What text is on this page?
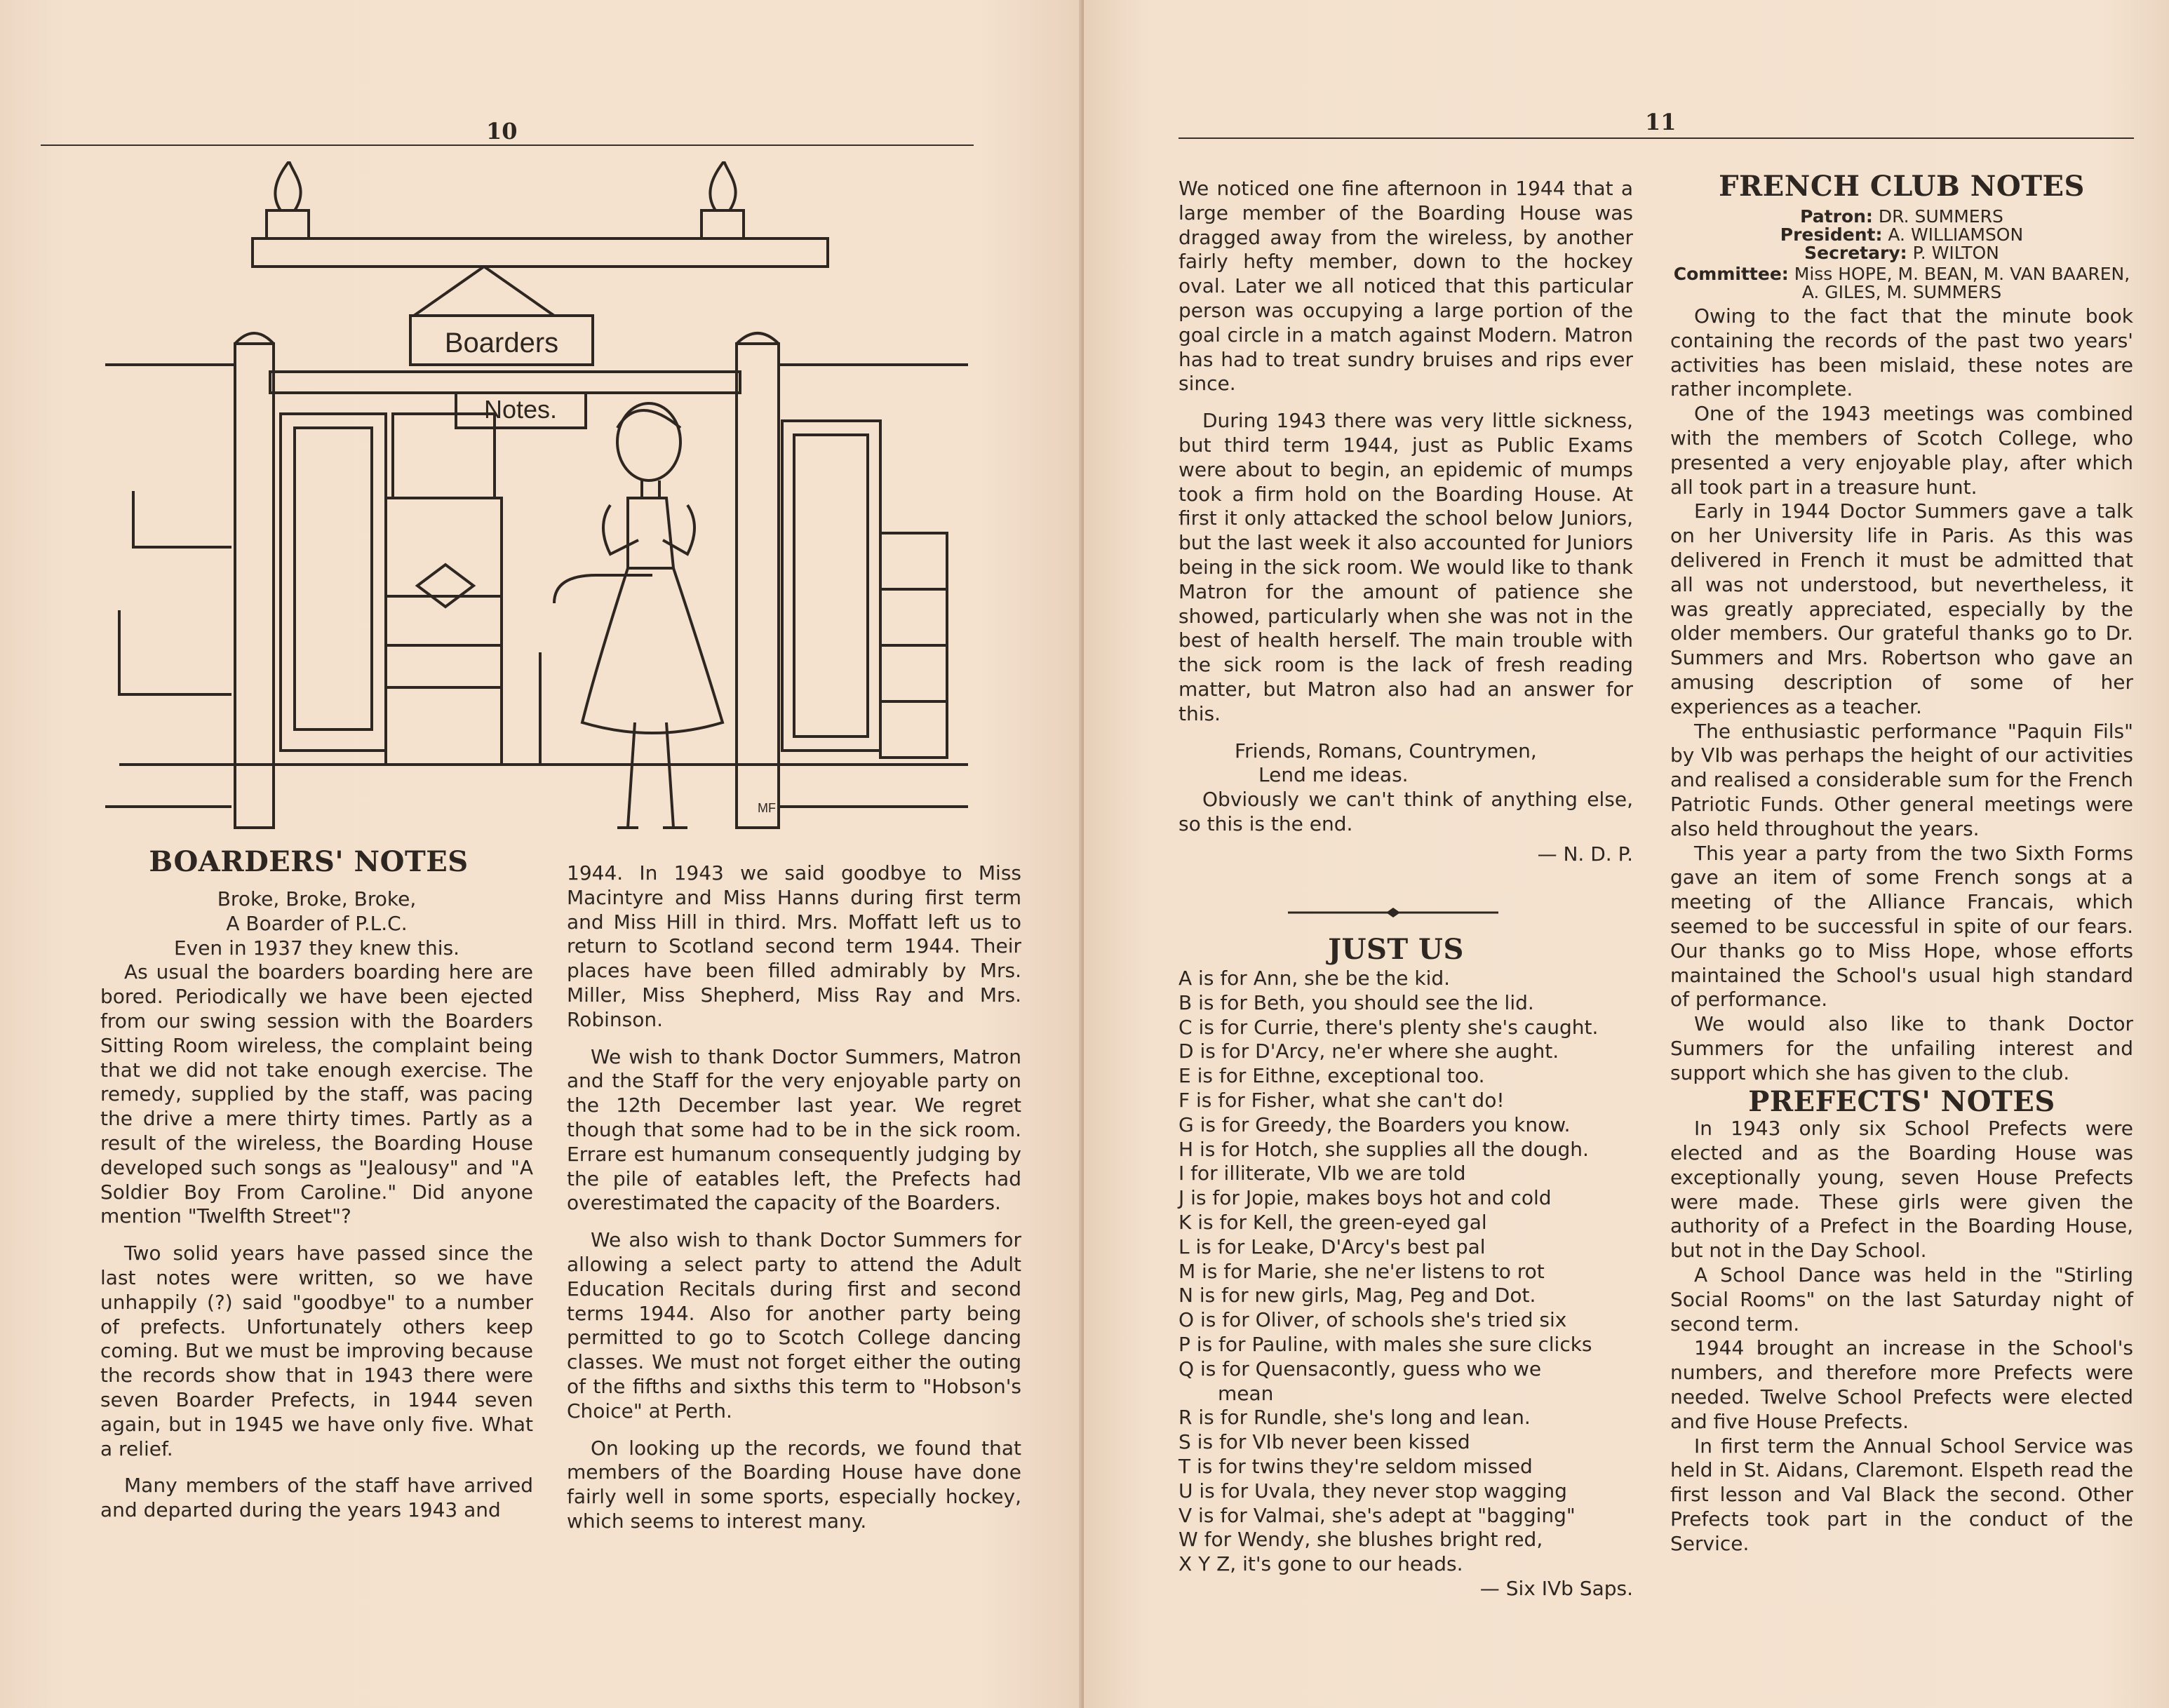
10
Boarders
Notes.
MF
BOARDERS' NOTES

Broke, Broke, Broke,

A Boarder of P.L.C.

Even in 1937 they knew this.

As usual the boarders boarding here are bored. Periodically we have been ejected from our swing session with the Boarders Sitting Room wireless, the complaint being that we did not take enough exercise. The remedy, supplied by the staff, was pacing the drive a mere thirty times. Partly as a result of the wireless, the Boarding House developed such songs as "Jealousy" and "A Soldier Boy From Caroline." Did anyone mention "Twelfth Street"?

Two solid years have passed since the last notes were written, so we have unhappily (?) said "goodbye" to a number of prefects. Unfortunately others keep coming. But we must be improving because the records show that in 1943 there were seven Boarder Prefects, in 1944 seven again, but in 1945 we have only five. What a relief.

Many members of the staff have arrived and departed during the years 1943 and

1944. In 1943 we said goodbye to Miss Macintyre and Miss Hanns during first term and Miss Hill in third. Mrs. Moffatt left us to return to Scotland second term 1944. Their places have been filled admirably by Mrs. Miller, Miss Shepherd, Miss Ray and Mrs. Robinson.

We wish to thank Doctor Summers, Matron and the Staff for the very enjoyable party on the 12th December last year. We regret though that some had to be in the sick room. Errare est humanum consequently judging by the pile of eatables left, the Prefects had overestimated the capacity of the Boarders.

We also wish to thank Doctor Summers for allowing a select party to attend the Adult Education Recitals during first and second terms 1944. Also for another party being permitted to go to Scotch College dancing classes. We must not forget either the outing of the fifths and sixths this term to "Hobson's Choice" at Perth.

On looking up the records, we found that members of the Boarding House have done fairly well in some sports, especially hockey, which seems to interest many.

11

We noticed one fine afternoon in 1944 that a large member of the Boarding House was dragged away from the wireless, by another fairly hefty member, down to the hockey oval. Later we all noticed that this particular person was occupying a large portion of the goal circle in a match against Modern. Matron has had to treat sundry bruises and rips ever since.

During 1943 there was very little sickness, but third term 1944, just as Public Exams were about to begin, an epidemic of mumps took a firm hold on the Boarding House. At first it only attacked the school below Juniors, but the last week it also accounted for Juniors being in the sick room. We would like to thank Matron for the amount of patience she showed, particularly when she was not in the best of health herself. The main trouble with the sick room is the lack of fresh reading matter, but Matron also had an answer for this.

Friends, Romans, Countrymen,

Lend me ideas.

Obviously we can't think of anything else, so this is the end.

— N. D. P.

JUST US
A is for Ann, she be the kid.
B is for Beth, you should see the lid.
C is for Currie, there's plenty she's caught.
D is for D'Arcy, ne'er where she aught.
E is for Eithne, exceptional too.
F is for Fisher, what she can't do!
G is for Greedy, the Boarders you know.
H is for Hotch, she supplies all the dough.
I for illiterate, VIb we are told
J is for Jopie, makes boys hot and cold
K is for Kell, the green-eyed gal
L is for Leake, D'Arcy's best pal
M is for Marie, she ne'er listens to rot
N is for new girls, Mag, Peg and Dot.
O is for Oliver, of schools she's tried six
P is for Pauline, with males she sure clicks
Q is for Quensacontly, guess who we
mean
R is for Rundle, she's long and lean.
S is for VIb never been kissed
T is for twins they're seldom missed
U is for Uvala, they never stop wagging
V is for Valmai, she's adept at "bagging"
W for Wendy, she blushes bright red,
X Y Z, it's gone to our heads.
— Six IVb Saps.
FRENCH CLUB NOTES
Patron: DR. SUMMERS
President: A. WILLIAMSON
Secretary: P. WILTON
Committee: Miss HOPE, M. BEAN, M. VAN BAAREN, A. GILES, M. SUMMERS

Owing to the fact that the minute book containing the records of the past two years' activities has been mislaid, these notes are rather incomplete.

One of the 1943 meetings was combined with the members of Scotch College, who presented a very enjoyable play, after which all took part in a treasure hunt.

Early in 1944 Doctor Summers gave a talk on her University life in Paris. As this was delivered in French it must be admitted that all was not understood, but nevertheless, it was greatly appreciated, especially by the older members. Our grateful thanks go to Dr. Summers and Mrs. Robertson who gave an amusing description of some of her experiences as a teacher.

The enthusiastic performance "Paquin Fils" by VIb was perhaps the height of our activities and realised a considerable sum for the French Patriotic Funds. Other general meetings were also held throughout the years.

This year a party from the two Sixth Forms gave an item of some French songs at a meeting of the Alliance Francais, which seemed to be successful in spite of our fears. Our thanks go to Miss Hope, whose efforts maintained the School's usual high standard of performance.

We would also like to thank Doctor Summers for the unfailing interest and support which she has given to the club.

PREFECTS' NOTES

In 1943 only six School Prefects were elected and as the Boarding House was exceptionally young, seven House Prefects were made. These girls were given the authority of a Prefect in the Boarding House, but not in the Day School.

A School Dance was held in the "Stirling Social Rooms" on the last Saturday night of second term.

1944 brought an increase in the School's numbers, and therefore more Prefects were needed. Twelve School Prefects were elected and five House Prefects.

In first term the Annual School Service was held in St. Aidans, Claremont. Elspeth read the first lesson and Val Black the second. Other Prefects took part in the conduct of the Service.
